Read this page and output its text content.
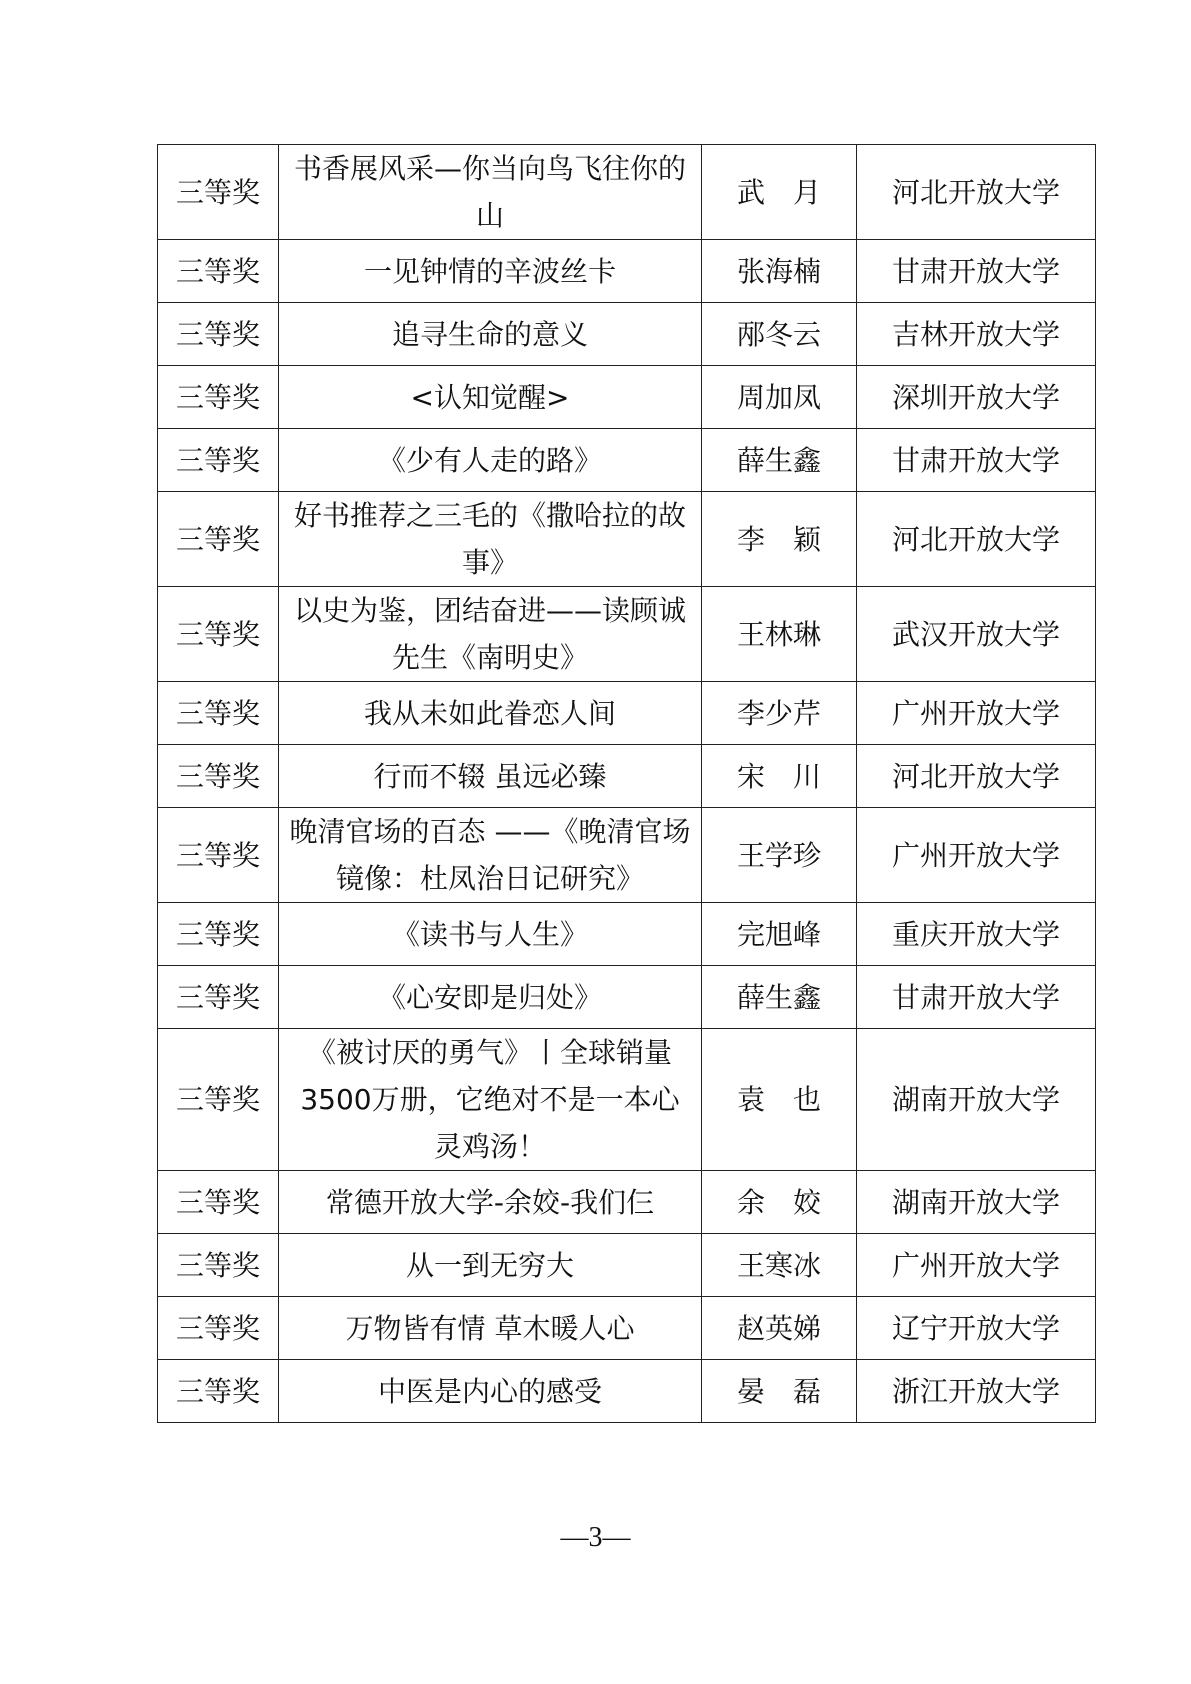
三等奖	书香展风采—你当向鸟飞往你的山	武　月	河北开放大学
三等奖	一见钟情的辛波丝卡	张海楠	甘肃开放大学
三等奖	追寻生命的意义	邴冬云	吉林开放大学
三等奖	<认知觉醒>	周加凤	深圳开放大学
三等奖	《少有人走的路》	薛生鑫	甘肃开放大学
三等奖	好书推荐之三毛的《撒哈拉的故事》	李　颖	河北开放大学
三等奖	以史为鉴，团结奋进——读顾诚先生《南明史》	王林琳	武汉开放大学
三等奖	我从未如此眷恋人间	李少芹	广州开放大学
三等奖	行而不辍 虽远必臻	宋　川	河北开放大学
三等奖	晚清官场的百态 ——《晚清官场镜像：杜凤治日记研究》	王学珍	广州开放大学
三等奖	《读书与人生》	完旭峰	重庆开放大学
三等奖	《心安即是归处》	薛生鑫	甘肃开放大学
三等奖	《被讨厌的勇气》丨全球销量3500万册，它绝对不是一本心灵鸡汤！	袁　也	湖南开放大学
三等奖	常德开放大学-余姣-我们仨	余　姣	湖南开放大学
三等奖	从一到无穷大	王寒冰	广州开放大学
三等奖	万物皆有情 草木暖人心	赵英娣	辽宁开放大学
三等奖	中医是内心的感受	晏　磊	浙江开放大学
—3—
